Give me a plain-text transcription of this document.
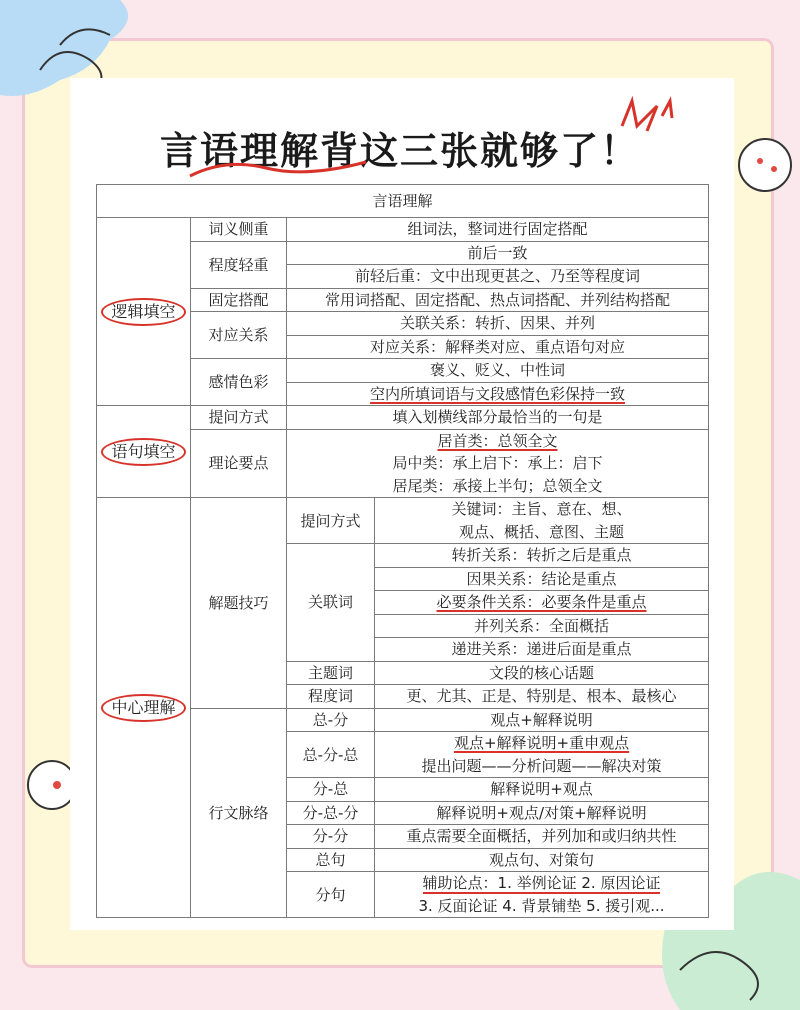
言语理解背这三张就够了！
言语理解			
逻辑填空	词义侧重	组词法，整词进行固定搭配	
	程度轻重	前后一致	
		前轻后重：文中出现更甚之、乃至等程度词	
	固定搭配	常用词搭配、固定搭配、热点词搭配、并列结构搭配	
	对应关系	关联关系：转折、因果、并列	
		对应关系：解释类对应、重点语句对应	
	感情色彩	褒义、贬义、中性词	
		空内所填词语与文段感情色彩保持一致	
语句填空	提问方式	填入划横线部分最恰当的一句是	
	理论要点	居首类：总领全文	
		局中类：承上启下：承上：启下	
		居尾类：承接上半句；总领全文	
中心理解	解题技巧	提问方式	关键词：主旨、意在、想、
			观点、概括、意图、主题
		关联词	转折关系：转折之后是重点
			因果关系：结论是重点
			必要条件关系：必要条件是重点
			并列关系：全面概括
			递进关系：递进后面是重点
		主题词	文段的核心话题
		程度词	更、尤其、正是、特别是、根本、最核心
	行文脉络	总-分	观点+解释说明
		总-分-总	观点+解释说明+重申观点
			提出问题——分析问题——解决对策
		分-总	解释说明+观点
		分-总-分	解释说明+观点/对策+解释说明
		分-分	重点需要全面概括，并列加和或归纳共性
		总句	观点句、对策句
		分句	辅助论点：1. 举例论证 2. 原因论证
			3. 反面论证 4. 背景铺垫 5. 援引观...
